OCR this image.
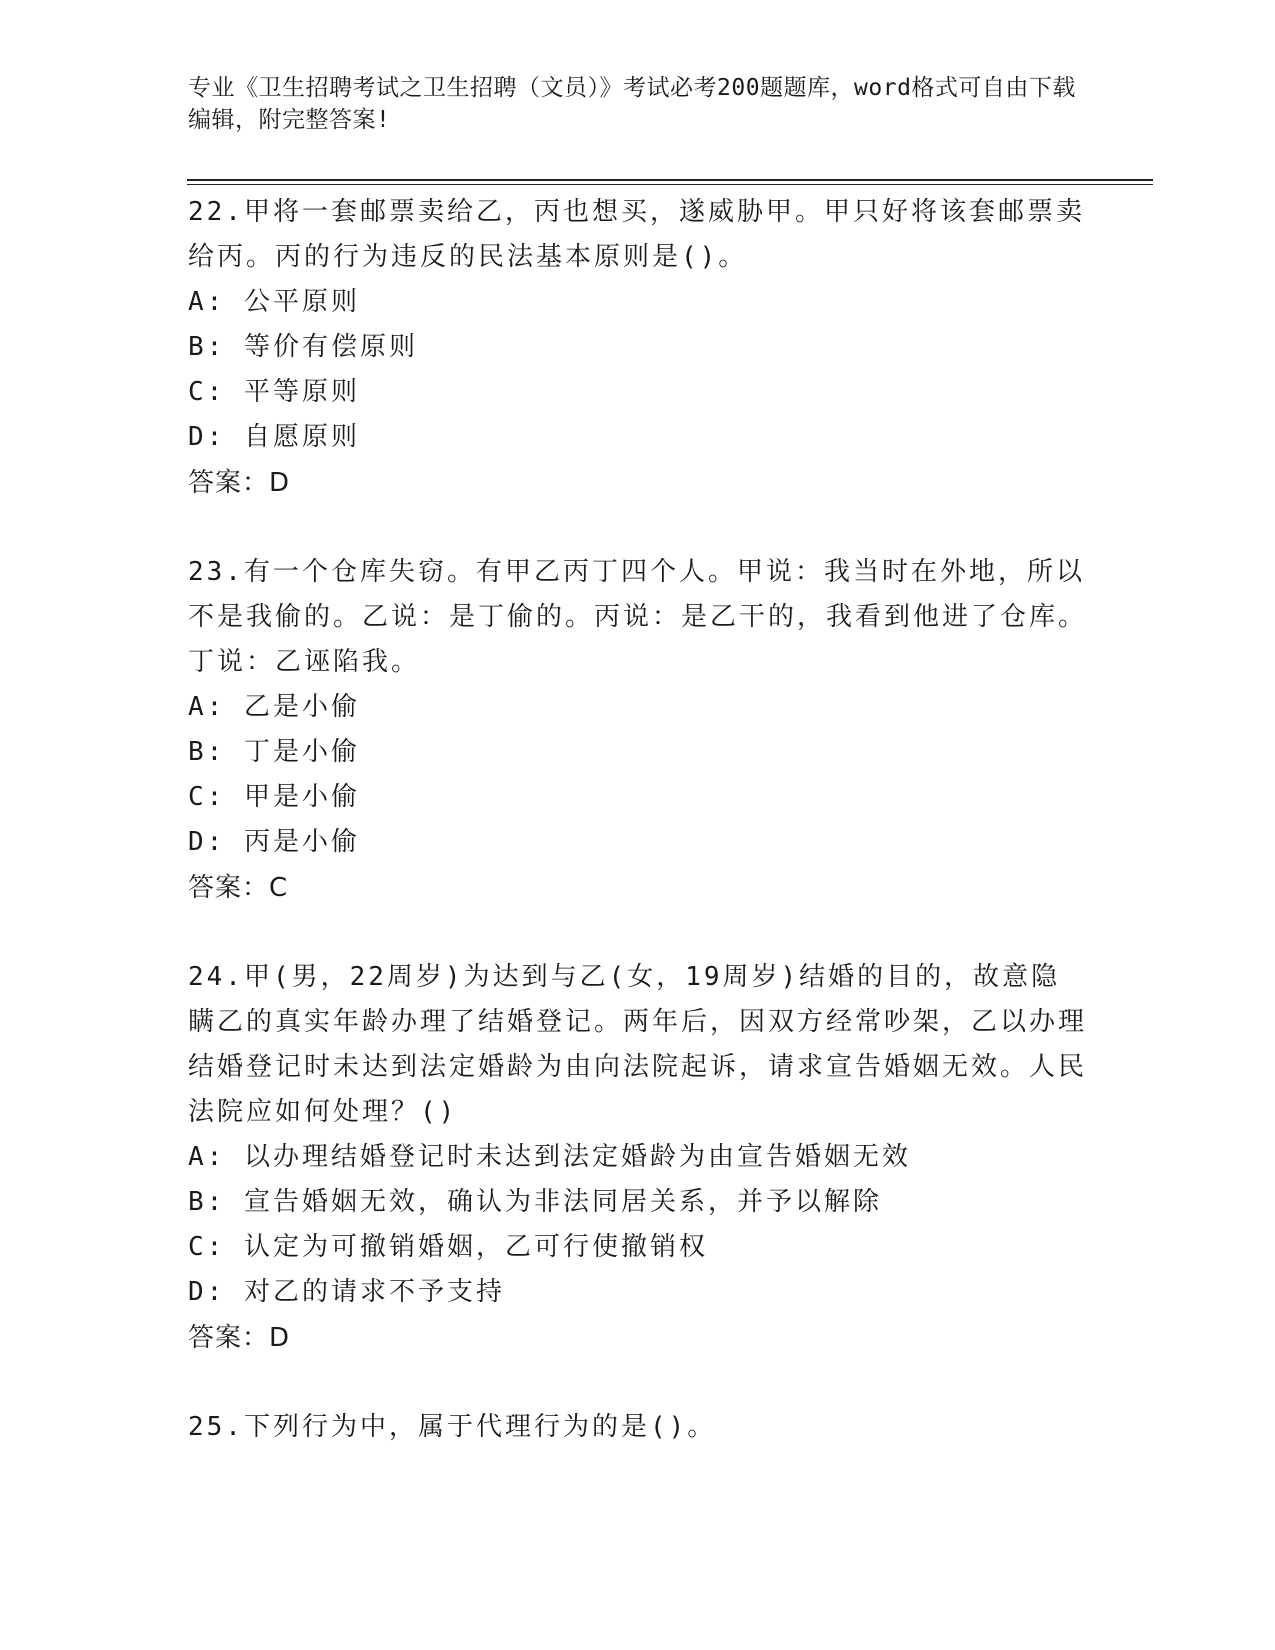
专业《卫生招聘考试之卫生招聘（文员）》考试必考200题题库，word格式可自由下载编辑，附完整答案!
22.甲将一套邮票卖给乙，丙也想买，遂威胁甲。甲只好将该套邮票卖给丙。丙的行为违反的民法基本原则是()。
A: 公平原则
B: 等价有偿原则
C: 平等原则
D: 自愿原则
答案：D
23.有一个仓库失窃。有甲乙丙丁四个人。甲说：我当时在外地，所以不是我偷的。乙说：是丁偷的。丙说：是乙干的，我看到他进了仓库。丁说：乙诬陷我。
A: 乙是小偷
B: 丁是小偷
C: 甲是小偷
D: 丙是小偷
答案：C
24.甲(男，22周岁)为达到与乙(女，19周岁)结婚的目的，故意隐瞒乙的真实年龄办理了结婚登记。两年后，因双方经常吵架，乙以办理结婚登记时未达到法定婚龄为由向法院起诉，请求宣告婚姻无效。人民法院应如何处理？()
A: 以办理结婚登记时未达到法定婚龄为由宣告婚姻无效
B: 宣告婚姻无效，确认为非法同居关系，并予以解除
C: 认定为可撤销婚姻，乙可行使撤销权
D: 对乙的请求不予支持
答案：D
25.下列行为中，属于代理行为的是()。
